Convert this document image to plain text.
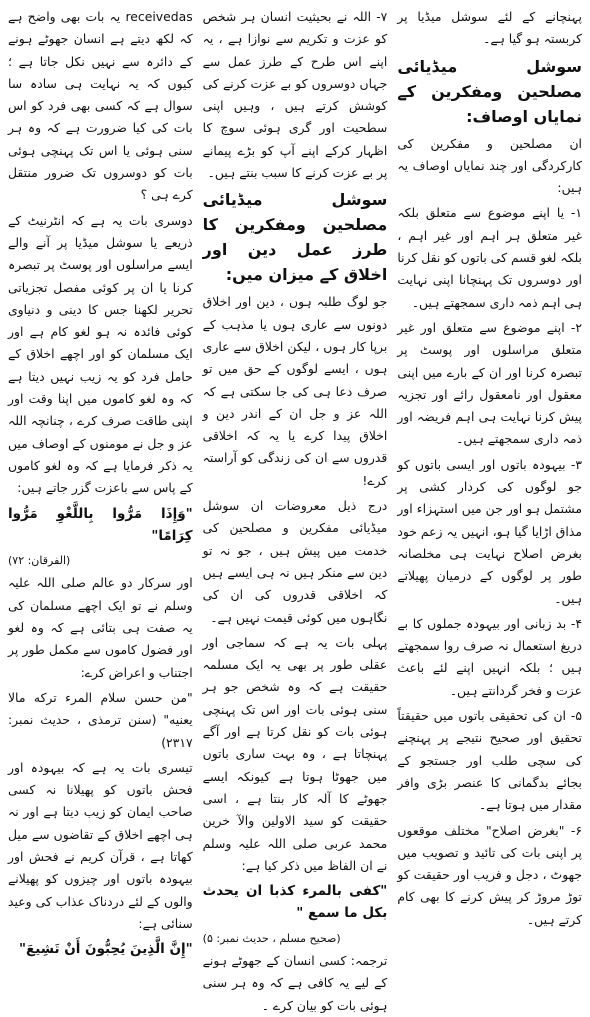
پہنچانے کے لئے سوشل میڈیا پر کربستہ ہو گیا ہے۔

سوشل میڈیائی مصلحین ومفکرین کے نمایاں اوصاف:

ان مصلحین و مفکرین کی کارکردگی اور چند نمایاں اوصاف یہ ہیں:

۱- یا اپنے موضوع سے متعلق بلکہ غیر متعلق ہر اہم اور غیر اہم ، بلکہ لغو قسم کی باتوں کو نقل کرنا اور دوسروں تک پہنچانا اپنی نہایت ہی اہم ذمہ داری سمجھتے ہیں۔

۲- اپنے موضوع سے متعلق اور غیر متعلق مراسلوں اور پوسٹ پر تبصرہ کرنا اور ان کے بارے میں اپنی معقول اور نامعقول رائے اور تجزیہ پیش کرنا نہایت ہی اہم فریضہ اور ذمہ داری سمجھتے ہیں۔

۳- بیہودہ باتوں اور ایسی باتوں کو جو لوگوں کی کردار کشی پر مشتمل ہو اور جن میں استہزاء اور مذاق اڑایا گیا ہو، انہیں یہ زعم خود بغرض اصلاح نہایت ہی مخلصانہ طور پر لوگوں کے درمیان پھیلاتے ہیں۔

۴- بد زبانی اور بیہودہ جملوں کا بے دریغ استعمال نہ صرف روا سمجھتے ہیں ؛ بلکہ انہیں اپنے لئے باعث عزت و فخر گردانتے ہیں۔

۵- ان کی تحقیقی باتوں میں حقیقتاً تحقیق اور صحیح نتیجے پر پہنچنے کی سچی طلب اور جستجو کے بجائے بدگمانی کا عنصر بڑی وافر مقدار میں ہوتا ہے۔

۶- "بغرض اصلاح" مختلف موقعوں پر اپنی بات کی تائید و تصویب میں جھوٹ ، دجل و فریب اور حقیقت کو توڑ مروڑ کر پیش کرنے کا بھی کام کرتے ہیں۔

۷- اللہ نے بحیثیت انسان ہر شخص کو عزت و تکریم سے نوازا ہے ، یہ اپنے اس طرح کے طرز عمل سے جہاں دوسروں کو بے عزت کرنے کی کوشش کرتے ہیں ، وہیں اپنی سطحیت اور گری ہوئی سوچ کا اظہار کرکے اپنے آپ کو بڑے پیمانے پر بے عزت کرنے کا سبب بنتے ہیں۔

سوشل میڈیائی مصلحین ومفکرین کا طرز عمل دین اور اخلاق کے میزان میں:

جو لوگ طلبہ ہوں ، دین اور اخلاق دونوں سے عاری ہوں یا مذہب کے برپا کار ہوں ، لیکن اخلاق سے عاری ہوں ، ایسے لوگوں کے حق میں تو صرف دعا ہی کی جا سکتی ہے کہ اللہ عز و جل ان کے اندر دین و اخلاق پیدا کرے یا یہ کہ اخلاقی قدروں سے ان کی زندگی کو آراستہ کرے!

درج ذیل معروضات ان سوشل میڈیائی مفکرین و مصلحین کی خدمت میں پیش ہیں ، جو نہ تو دین سے منکر ہیں نہ ہی ایسے ہیں کہ اخلاقی قدروں کی ان کی نگاہوں میں کوئی قیمت نہیں ہے۔

پہلی بات یہ ہے کہ سماجی اور عقلی طور پر بھی یہ ایک مسلمہ حقیقت ہے کہ وہ شخص جو ہر سنی ہوئی بات اور اس تک پہنچی ہوئی بات کو نقل کرتا ہے اور آگے پہنچاتا ہے ، وہ بہت ساری باتوں میں جھوٹا ہوتا ہے کیونکہ ایسے جھوٹے کا آلہ کار بنتا ہے ، اسی حقیقت کو سید الاولین والآ خرین محمد عربی صلی اللہ علیہ وسلم نے ان الفاظ میں ذکر کیا ہے:

"کفی بالمرء کذبا ان یحدث بکل ما سمع "

(صحیح مسلم ، حدیث نمبر: ۵)

ترجمہ: کسی انسان کے جھوٹے ہونے کے لیے یہ کافی ہے کہ وہ ہر سنی ہوئی بات کو بیان کرے ۔

receivedas یہ بات بھی واضح ہے کہ لکھ دیتے ہے انسان جھوٹے ہونے کے دائرہ سے نہیں نکل جاتا ہے ؛ کیوں کہ یہ نہایت ہی سادہ سا سوال ہے کہ کسی بھی فرد کو اس بات کی کیا ضرورت ہے کہ وہ ہر سنی ہوئی یا اس تک پہنچی ہوئی بات کو دوسروں تک ضرور منتقل کرے ہی ؟

دوسری بات یہ ہے کہ انٹرنیٹ کے ذریعے یا سوشل میڈیا پر آنے والے ایسے مراسلوں اور پوسٹ پر تبصرہ کرنا یا ان پر کوئی مفصل تجزیاتی تحریر لکھنا جس کا دینی و دنیاوی کوئی فائدہ نہ ہو لغو کام ہے اور ایک مسلمان کو اور اچھے اخلاق کے حامل فرد کو یہ زیب نہیں دیتا ہے کہ وہ لغو کاموں میں اپنا وقت اور اپنی طاقت صرف کرے ، چنانچہ اللہ عز و جل نے مومنوں کے اوصاف میں یہ ذکر فرمایا ہے کہ وہ لغو کاموں کے پاس سے باعزت گزر جاتے ہیں:

"وَإِذَا مَرُّوا بِاللَّغْوِ مَرُّوا كِرَامًا"

(الفرقان: ۷۲)

اور سرکار دو عالم صلی اللہ علیہ وسلم نے تو ایک اچھے مسلمان کی یہ صفت ہی بتائی ہے کہ وہ لغو اور فضول کاموں سے مکمل طور پر اجتناب و اعراض کرے:

"من حسن سلام المرء تركه مالا يعنيه" (سنن ترمذی ، حدیث نمبر: ۲۳۱۷)

تیسری بات یہ ہے کہ بیہودہ اور فحش باتوں کو پھیلانا نہ کسی صاحب ایمان کو زیب دیتا ہے اور نہ ہی اچھے اخلاق کے تقاضوں سے میل کھاتا ہے ، قرآن کریم نے فحش اور بیہودہ باتوں اور چیزوں کو پھیلانے والوں کے لئے دردناک عذاب کی وعید سنائی ہے:

"إِنَّ الَّذِينَ يُحِبُّونَ أَنْ تَشِيعَ"
